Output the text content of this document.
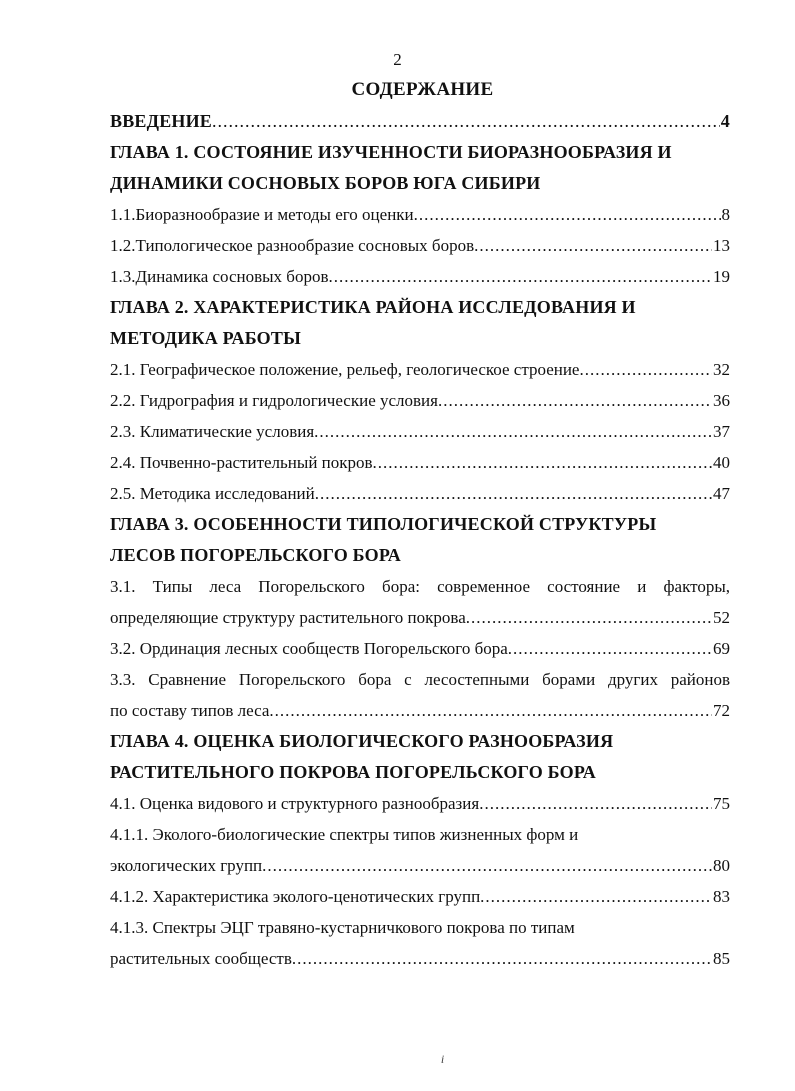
2
СОДЕРЖАНИЕ
ВВЕДЕНИЕ .....	4
ГЛАВА 1. СОСТОЯНИЕ ИЗУЧЕННОСТИ БИОРАЗНООБРАЗИЯ И
ДИНАМИКИ СОСНОВЫХ БОРОВ ЮГА СИБИРИ
1.1.Биоразнообразие и методы его оценки .....	8
1.2.Типологическое разнообразие сосновых боров .....	13
1.3.Динамика сосновых боров .....	19
ГЛАВА 2. ХАРАКТЕРИСТИКА РАЙОНА ИССЛЕДОВАНИЯ И
МЕТОДИКА РАБОТЫ
2.1. Географическое положение, рельеф, геологическое строение .....	32
2.2. Гидрография и гидрологические условия .....	36
2.3. Климатические условия .....	37
2.4. Почвенно-растительный покров .....	40
2.5. Методика исследований .....	47
ГЛАВА 3. ОСОБЕННОСТИ ТИПОЛОГИЧЕСКОЙ СТРУКТУРЫ
ЛЕСОВ ПОГОРЕЛЬСКОГО БОРА
3.1. Типы леса Погорельского бора: современное состояние и факторы,
определяющие структуру растительного покрова .....	52
3.2. Ординация лесных сообществ Погорельского бора .....	69
3.3. Сравнение Погорельского бора с лесостепными борами других районов
по составу типов леса .....	72
ГЛАВА 4. ОЦЕНКА БИОЛОГИЧЕСКОГО РАЗНООБРАЗИЯ
РАСТИТЕЛЬНОГО ПОКРОВА ПОГОРЕЛЬСКОГО БОРА
4.1. Оценка видового и структурного разнообразия .....	75
4.1.1. Эколого-биологические спектры типов жизненных форм и
экологических групп .....	80
4.1.2. Характеристика эколого-ценотических групп .....	83
4.1.3. Спектры ЭЦГ травяно-кустарничкового покрова по типам
растительных сообществ .....	85
i
